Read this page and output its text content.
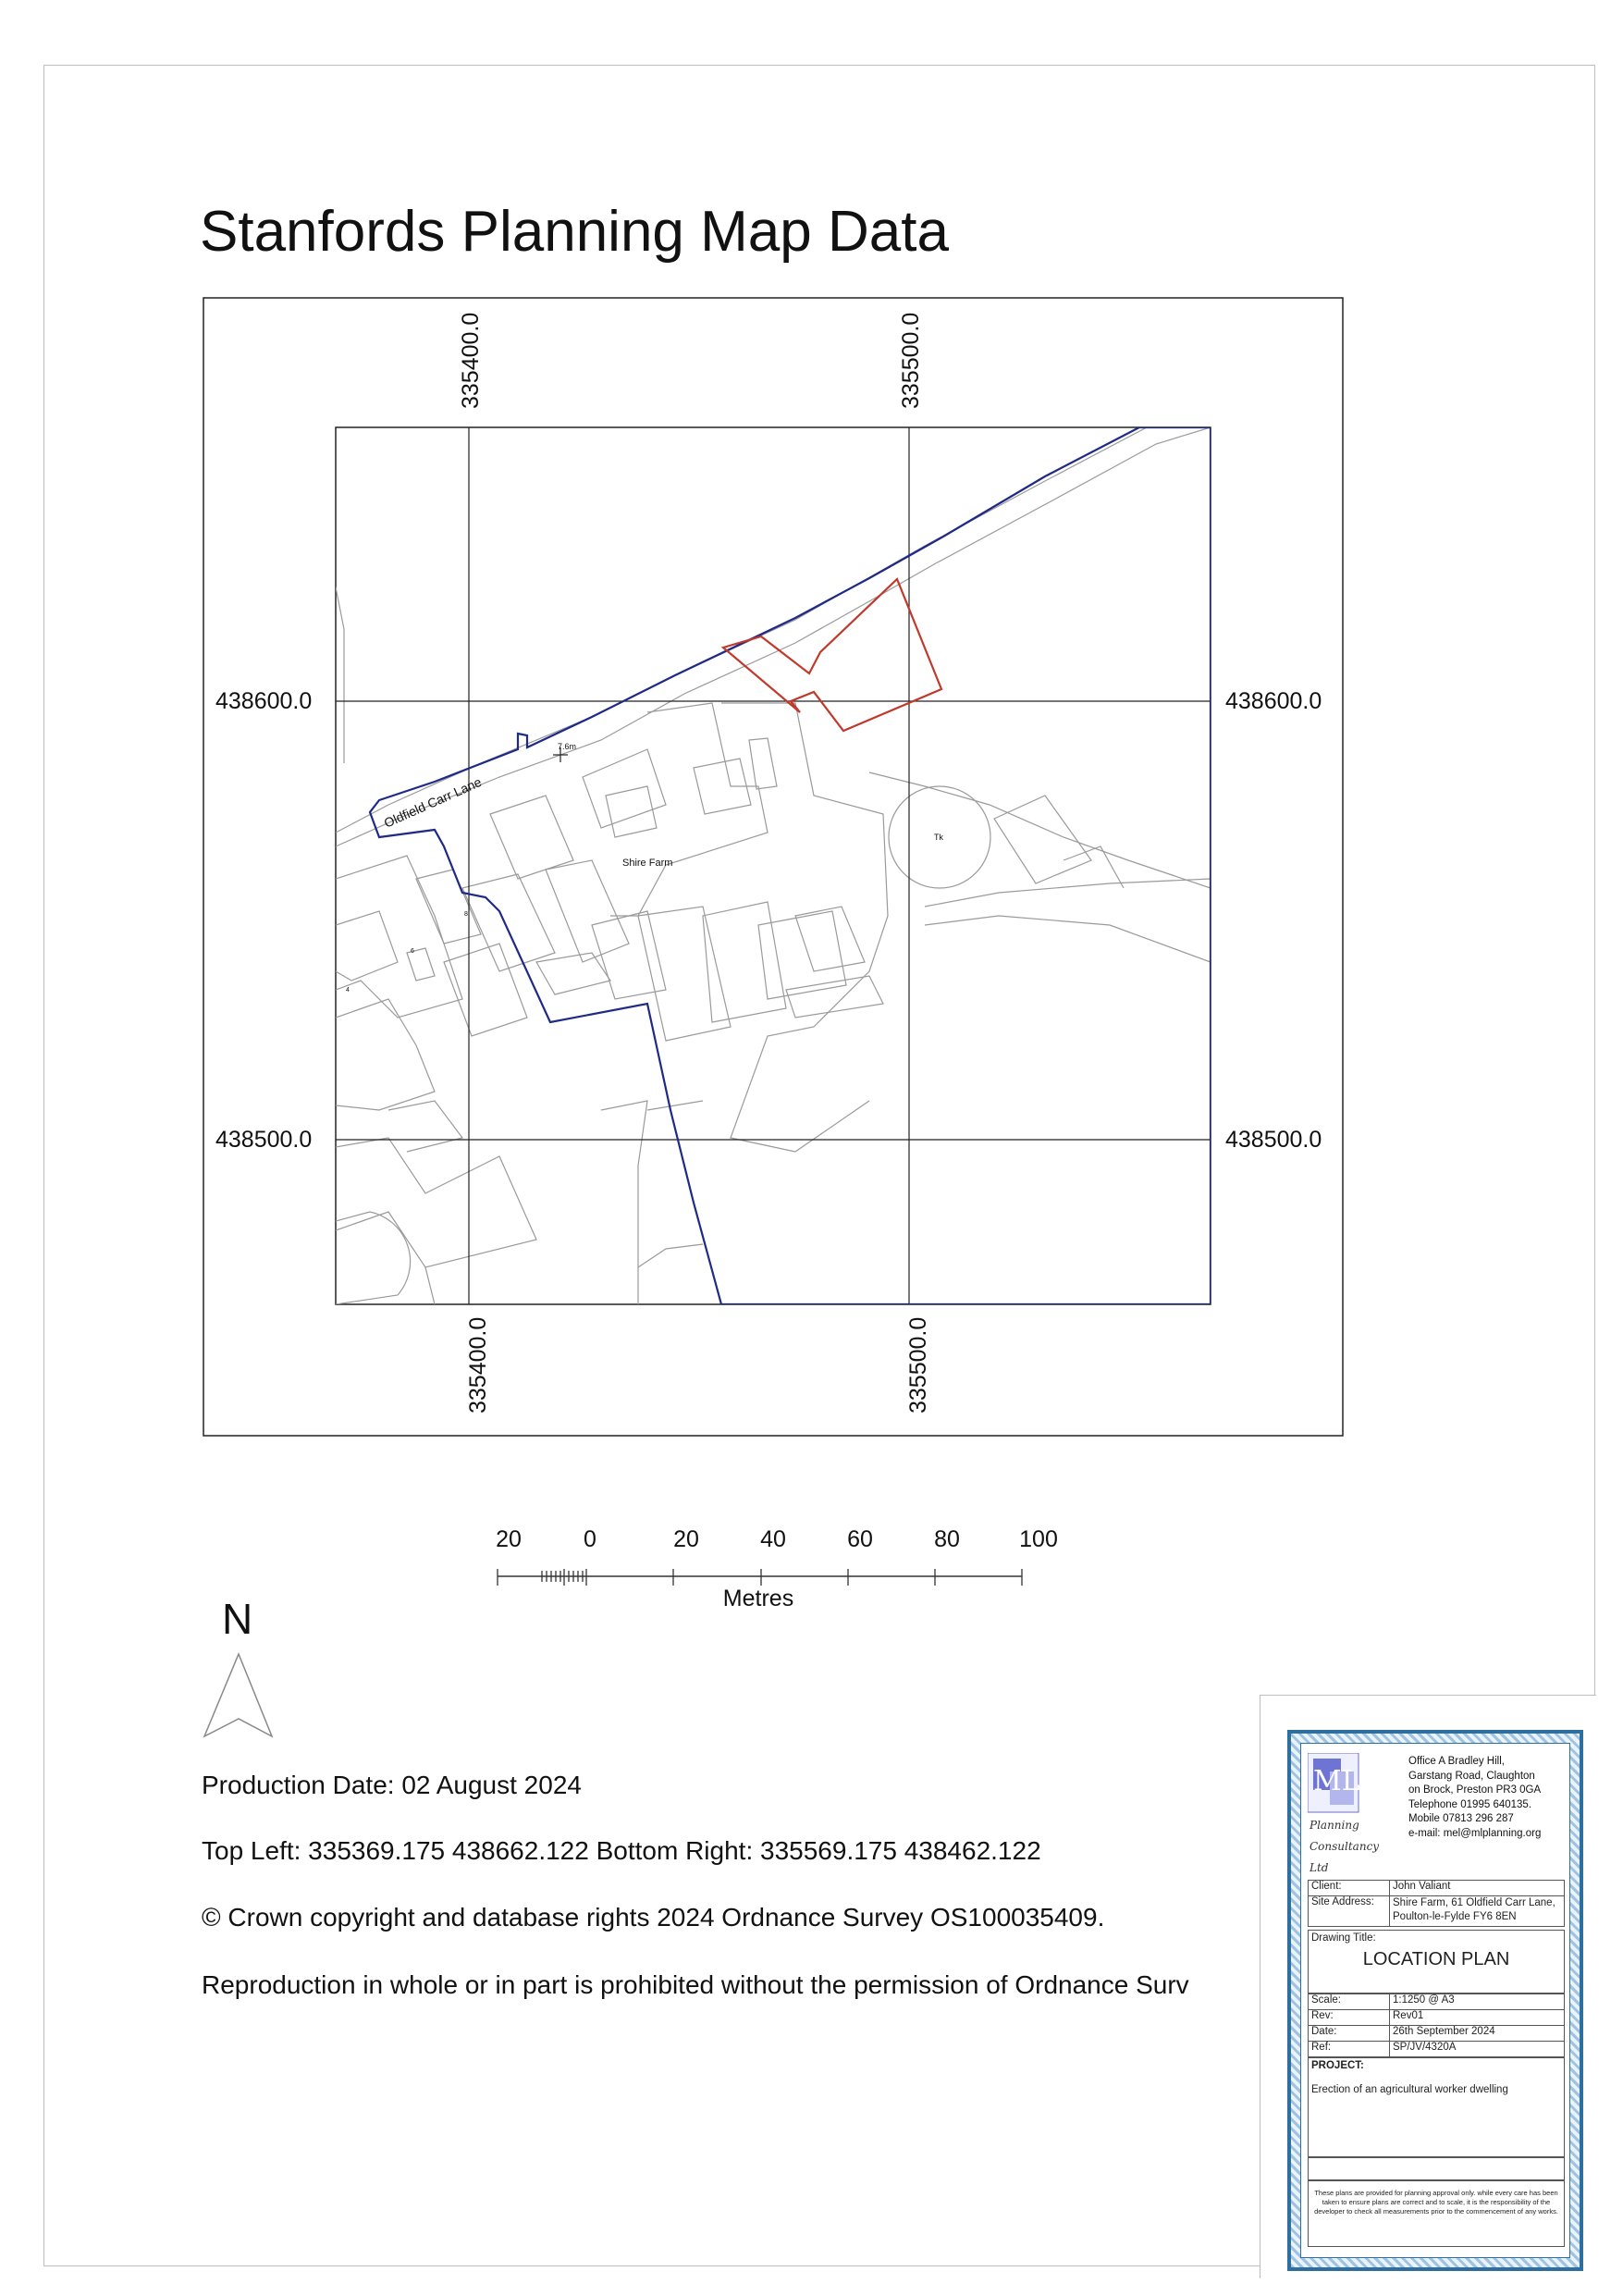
Stanfords Planning Map Data
335400.0	335500.0
335400.0	335500.0
438600.0
438500.0
438600.0
438500.0
Oldfield Carr Lane
7.6m
Shire Farm
Tk
8
6
4
20	0	20	40	60	80	100
Metres
N
Production Date: 02 August 2024
Top Left: 335369.175 438662.122 Bottom Right: 335569.175 438462.122
© Crown copyright and database rights 2024 Ordnance Survey OS100035409.
Reproduction in whole or in part is prohibited without the permission of Ordnance Surv
ML
Planning
Consultancy
Ltd
Office A Bradley Hill,
Garstang Road, Claughton
on Brock, Preston PR3 0GA
Telephone 01995 640135.
Mobile 07813 296 287
e-mail: mel@mlplanning.org
Client:	John Valiant
Site Address:	Shire Farm, 61 Oldfield Carr Lane, Poulton-le-Fylde FY6 8EN
Drawing Title:
LOCATION PLAN
Scale:	1:1250 @ A3
Rev:	Rev01
Date:	26th September 2024
Ref:	SP/JV/4320A
PROJECT:
Erection of an agricultural worker dwelling
These plans are provided for planning approval only. while every care has been taken to ensure plans are correct and to scale, it is the responsibility of the developer to check all measurements prior to the commencement of any works.
